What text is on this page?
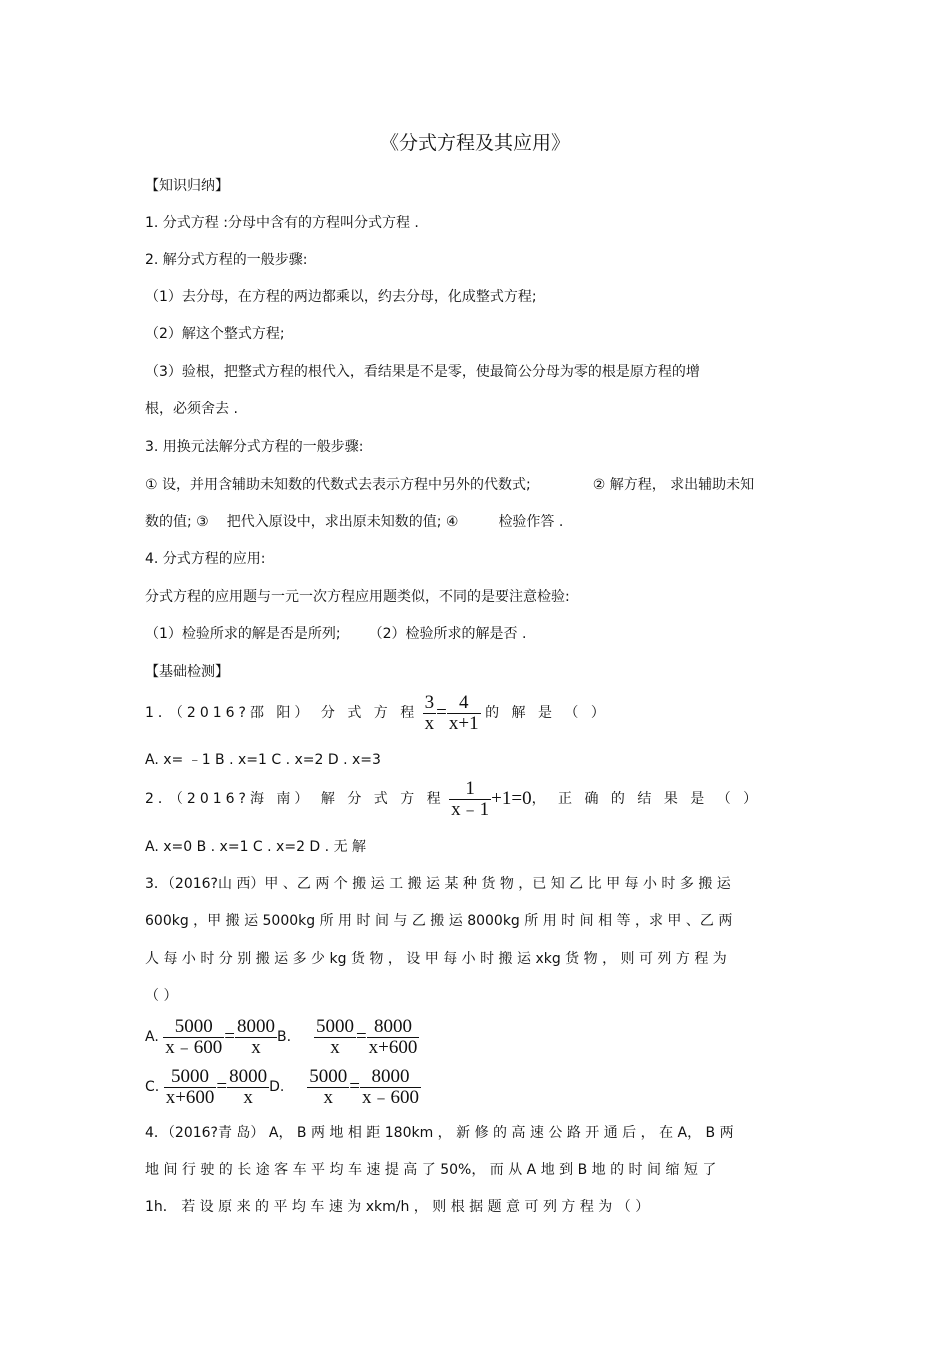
《分式方程及其应用》
【知识归纳】
1. 分式方程 :分母中含有的方程叫分式方程 .
2. 解分式方程的一般步骤:
（1）去分母，在方程的两边都乘以，约去分母，化成整式方程;
（2）解这个整式方程;
（3）验根，把整式方程的根代入，看结果是不是零，使最简公分母为零的根是原方程的增
根，必须舍去 .
3. 用换元法解分式方程的一般步骤:
① 设，并用含辅助未知数的代数式去表示方程中另外的代数式;	② 解方程， 求出辅助未知
数的值; ③ 把代入原设中，求出原未知数的值; ④	检验作答 .
4. 分式方程的应用:
分式方程的应用题与一元一次方程应用题类似，不同的是要注意检验:
（1）检验所求的解是否是所列; （2）检验所求的解是否 .
【基础检测】
1．（2016?邵 阳） 分 式 方 程 $\frac{3}{x} = \frac{4}{x+1}$ 的 解 是 （ ）
A. x= ﹣1 B . x=1 C . x=2 D . x=3
2．（2016?海 南） 解 分 式 方 程 $\frac{1}{x﹣1} +1=0$， 正 确 的 结 果 是 （ ）
A. x=0 B . x=1 C . x=2 D . 无 解
3．（2016?山 西）甲 、乙 两 个 搬 运 工 搬 运 某 种 货 物 ，已 知 乙 比 甲 每 小 时 多 搬 运
600kg ，甲 搬 运 5000kg 所 用 时 间 与 乙 搬 运 8000kg 所 用 时 间 相 等 ，求 甲 、乙 两
人 每 小 时 分 别 搬 运 多 少 kg 货 物 ， 设 甲 每 小 时 搬 运 xkg 货 物 ， 则 可 列 方 程 为
（ ）
A. $\frac{5000}{x﹣600} = \frac{8000}{x} B$. $\frac{5000}{x} = \frac{8000}{x+600}$
C. $\frac{5000}{x+600} = \frac{8000}{x} D$. $\frac{5000}{x} = \frac{8000}{x﹣600}$
4．（2016?青 岛） A， B 两 地 相 距 180km ， 新 修 的 高 速 公 路 开 通 后 ， 在 A， B 两
地 间 行 驶 的 长 途 客 车 平 均 车 速 提 高 了 50%， 而 从 A 地 到 B 地 的 时 间 缩 短 了
1h． 若 设 原 来 的 平 均 车 速 为 xkm/h ， 则 根 据 题 意 可 列 方 程 为 （ ）
